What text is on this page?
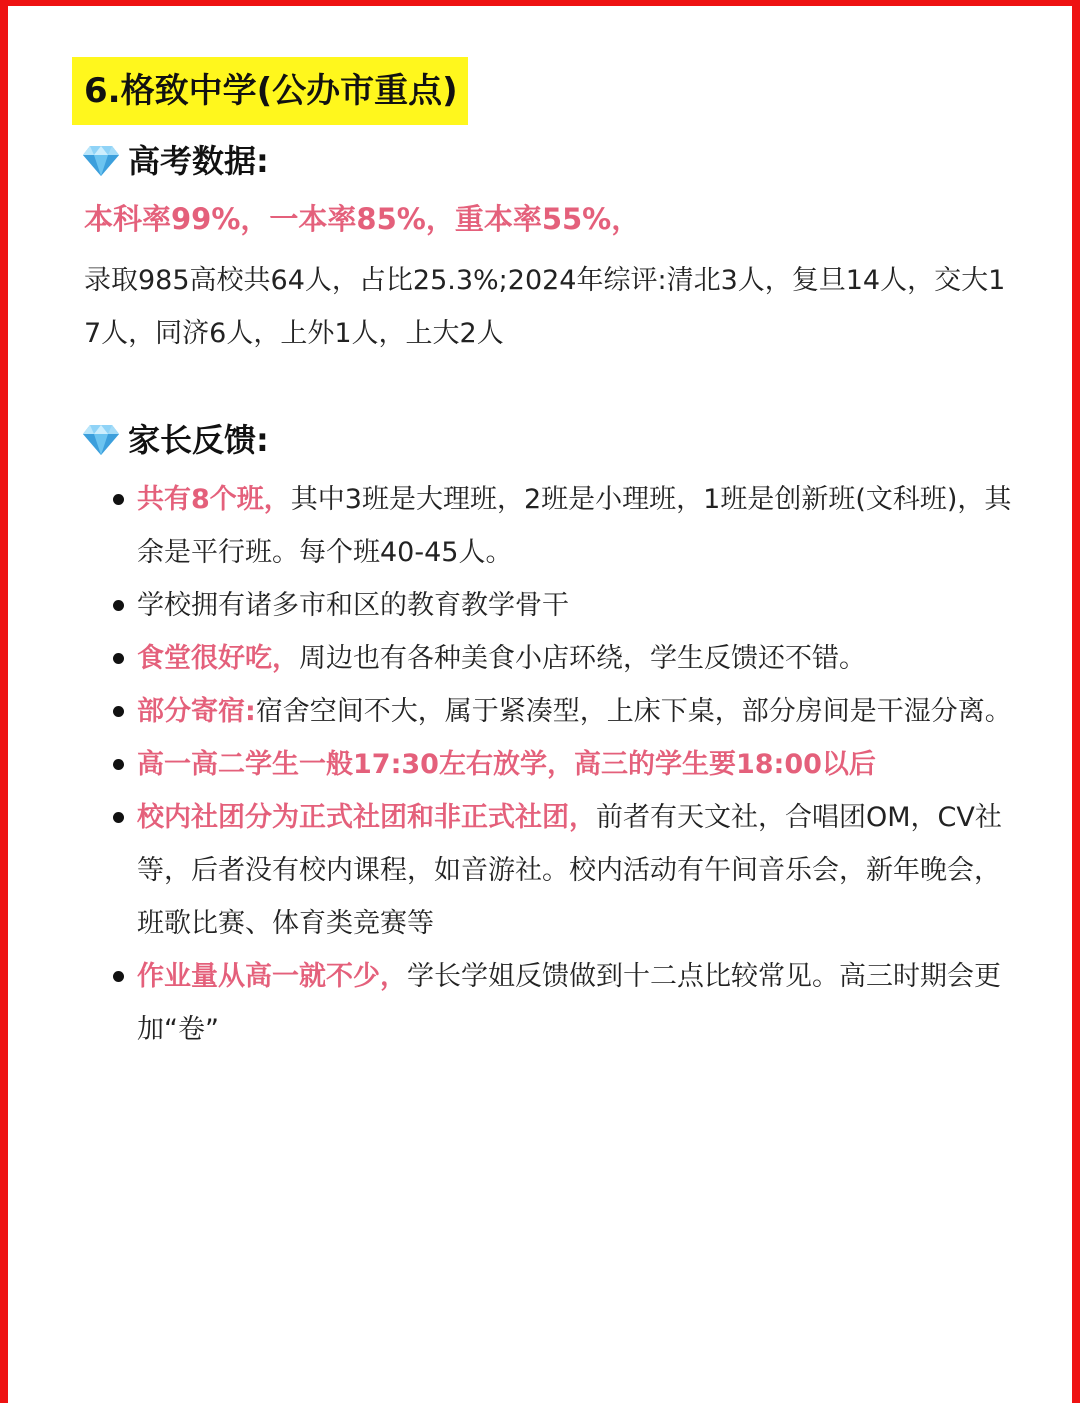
6.格致中学(公办市重点)
高考数据:
本科率99%，一本率85%，重本率55%，
录取985高校共64人，占比25.3%;2024年综评:清北3人，复旦14人，交大17人，同济6人，上外1人，上大2人
家长反馈:
共有8个班，其中3班是大理班，2班是小理班，1班是创新班(文科班)，其余是平行班。每个班40-45人。
学校拥有诸多市和区的教育教学骨干
食堂很好吃，周边也有各种美食小店环绕，学生反馈还不错。
部分寄宿:宿舍空间不大，属于紧凑型，上床下桌，部分房间是干湿分离。
高一高二学生一般17:30左右放学，高三的学生要18:00以后
校内社团分为正式社团和非正式社团，前者有天文社，合唱团OM，CV社等，后者没有校内课程，如音游社。校内活动有午间音乐会，新年晚会，班歌比赛、体育类竞赛等
作业量从高一就不少，学长学姐反馈做到十二点比较常见。高三时期会更加“卷”
